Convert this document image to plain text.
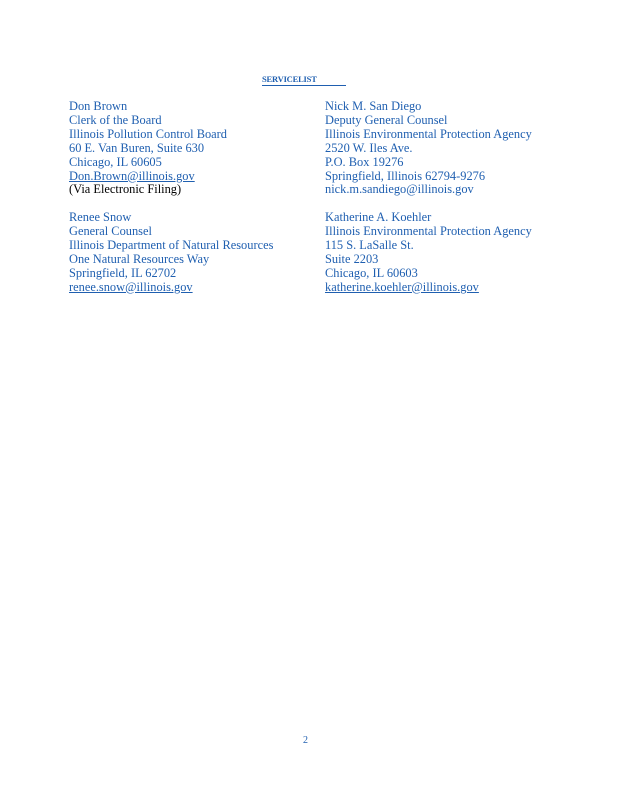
SERVICELIST
Don Brown
Clerk of the Board
Illinois Pollution Control Board
60 E. Van Buren, Suite 630
Chicago, IL 60605
Don.Brown@illinois.gov
(Via Electronic Filing)
Nick M. San Diego
Deputy General Counsel
Illinois Environmental Protection Agency
2520 W. Iles Ave.
P.O. Box 19276
Springfield, Illinois 62794-9276
nick.m.sandiego@illinois.gov
Renee Snow
General Counsel
Illinois Department of Natural Resources
One Natural Resources Way
Springfield, IL 62702
renee.snow@illinois.gov
Katherine A. Koehler
Illinois Environmental Protection Agency
115 S. LaSalle St.
Suite 2203
Chicago, IL 60603
katherine.koehler@illinois.gov
2
